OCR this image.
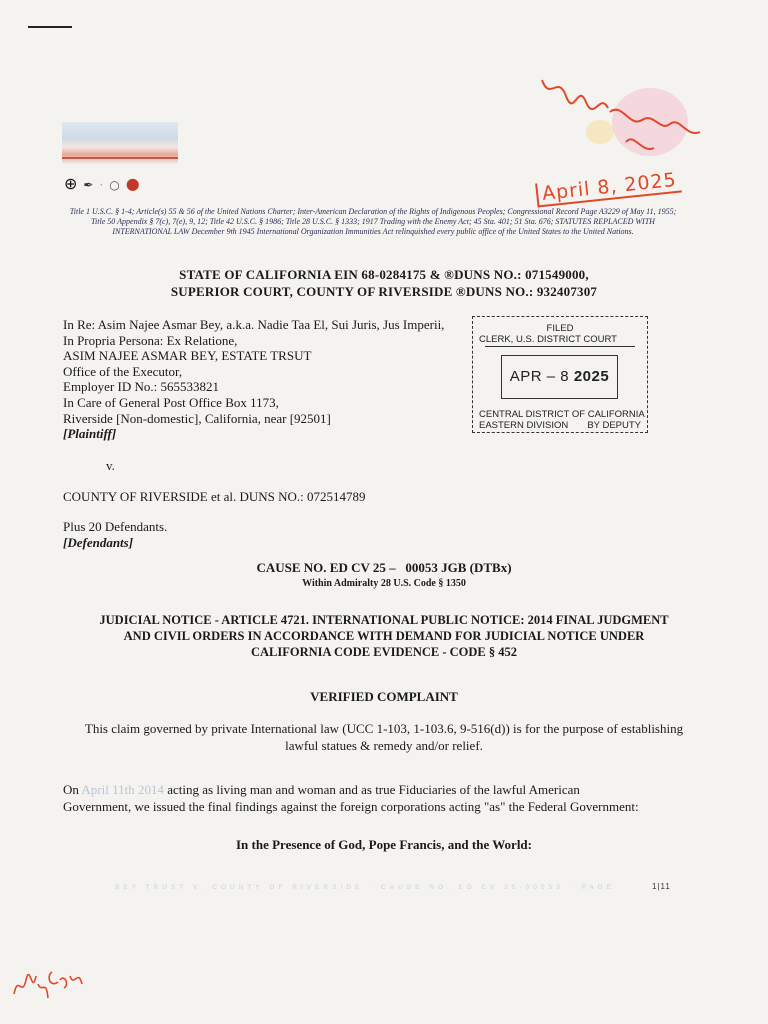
⊕✒·○●	April 8, 2025
Title 1 U.S.C. § 1-4; Article(s) 55 & 56 of the United Nations Charter; Inter-American Declaration of the Rights of Indigenous Peoples; Congressional Record Page A3229 of May 11, 1955; Title 50 Appendix § 7(c), 7(e), 9, 12; Title 42 U.S.C. § 1986; Title 28 U.S.C. § 1333; 1917 Trading with the Enemy Act; 45 Sta. 401; 51 Sta. 676; STATUTES REPLACED WITH INTERNATIONAL LAW December 9th 1945 International Organization Immunities Act relinquished every public office of the United States to the United Nations.
STATE OF CALIFORNIA EIN 68-0284175 & ®DUNS NO.: 071549000,
SUPERIOR COURT, COUNTY OF RIVERSIDE ®DUNS NO.: 932407307
In Re: Asim Najee Asmar Bey, a.k.a. Nadie Taa El, Sui Juris, Jus Imperii,
In Propria Persona: Ex Relatione,
ASIM NAJEE ASMAR BEY, ESTATE TRSUT
Office of the Executor,
Employer ID No.: 565533821
In Care of General Post Office Box 1173,
Riverside [Non-domestic], California, near [92501]
[Plaintiff]
FILED
CLERK, U.S. DISTRICT COURT
APR – 8 2025
CENTRAL DISTRICT OF CALIFORNIA
EASTERN DIVISION BY DEPUTY
v.
COUNTY OF RIVERSIDE et al. DUNS NO.: 072514789
Plus 20 Defendants.
[Defendants]
CAUSE NO. ED CV 25 –   00053 JGB (DTBx)
Within Admiralty 28 U.S. Code § 1350
JUDICIAL NOTICE - ARTICLE 4721. INTERNATIONAL PUBLIC NOTICE: 2014 FINAL JUDGMENT
AND CIVIL ORDERS IN ACCORDANCE WITH DEMAND FOR JUDICIAL NOTICE UNDER
CALIFORNIA CODE EVIDENCE - CODE § 452
VERIFIED COMPLAINT
This claim governed by private International law (UCC 1-103, 1-103.6, 9-516(d)) is for the purpose of establishing
lawful statues & remedy and/or relief.
On April 11th 2014 acting as living man and woman and as true Fiduciaries of the lawful American
Government, we issued the final findings against the foreign corporations acting "as" the Federal Government:
In the Presence of God, Pope Francis, and the World:
BEY TRUST V. COUNTY OF RIVERSIDE · CAUSE NO. ED CV 25-00053 · PAGE	1|11
